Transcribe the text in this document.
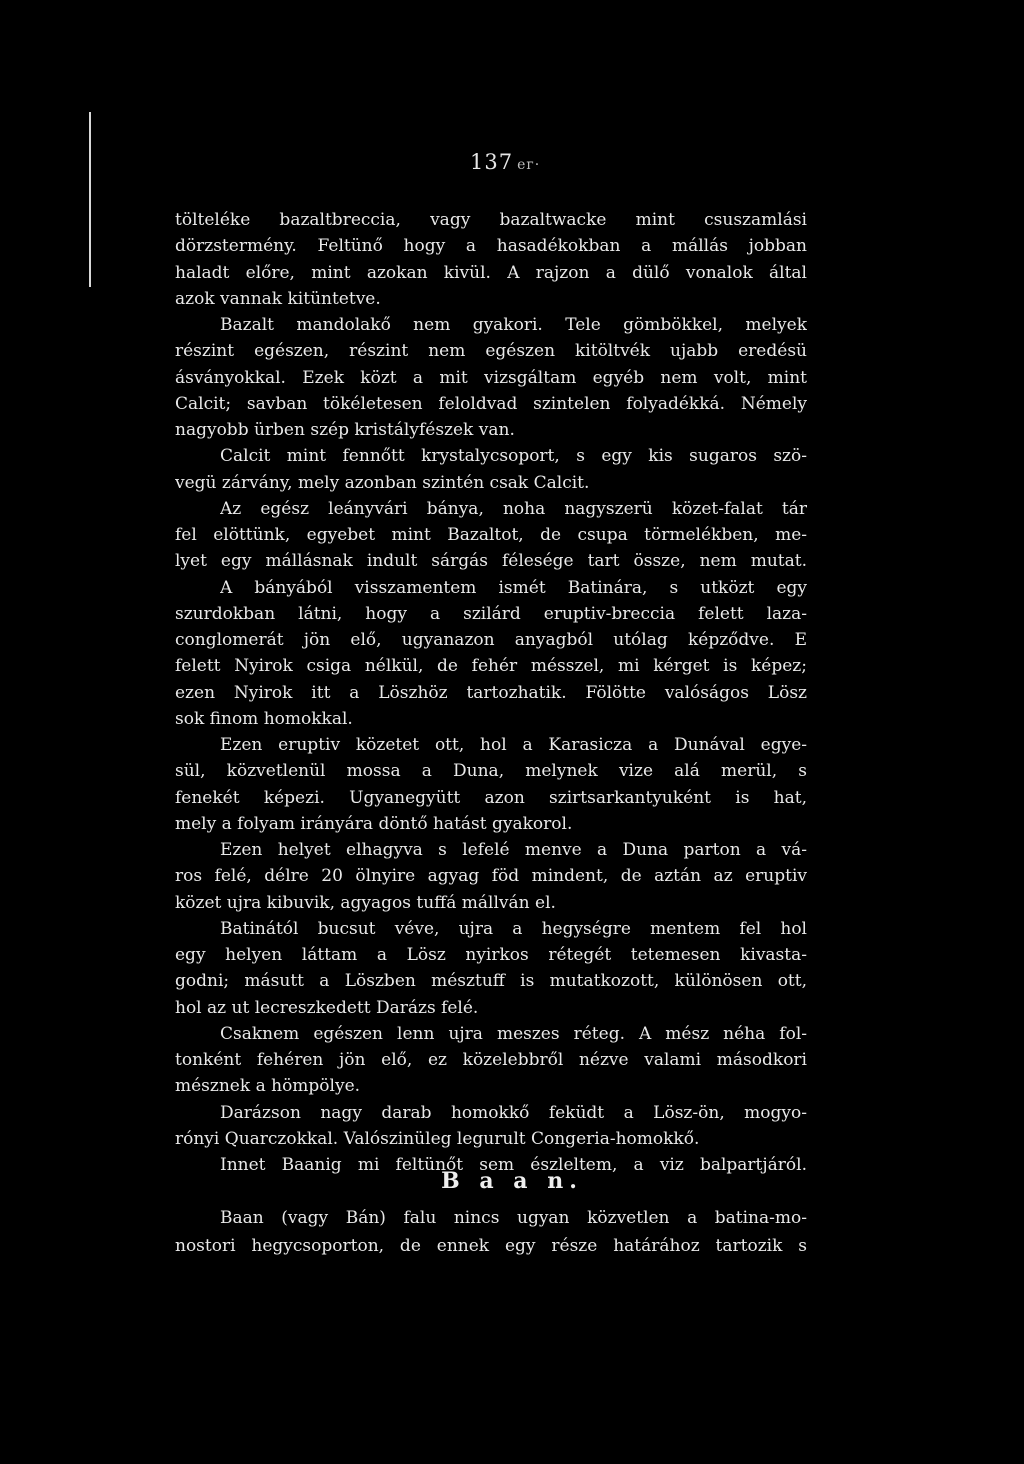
137 eг·
tölteléke bazaltbreccia, vagy bazaltwacke mint csuszamlási
dörzstermény. Feltünő hogy a hasadékokban a mállás jobban
haladt előre, mint azokan kivül. A rajzon a dülő vonalok által
azok vannak kitüntetve.
Bazalt mandolakő nem gyakori. Tele gömbökkel, melyek
részint egészen, részint nem egészen kitöltvék ujabb eredésü
ásványokkal. Ezek közt a mit vizsgáltam egyéb nem volt, mint
Calcit; savban tökéletesen feloldvad szintelen folyadékká. Némely
nagyobb ürben szép kristályfészek van.
Calcit mint fennőtt krystalycsoport, s egy kis sugaros szö-
vegü zárvány, mely azonban szintén csak Calcit.
Az egész leányvári bánya, noha nagyszerü közet-falat tár
fel elöttünk, egyebet mint Bazaltot, de csupa törmelékben, me-
lyet egy mállásnak indult sárgás félesége tart össze, nem mutat.
A bányából visszamentem ismét Batinára, s utközt egy
szurdokban látni, hogy a szilárd eruptiv-breccia felett laza-
conglomerát jön elő, ugyanazon anyagból utólag képződve. E
felett Nyirok csiga nélkül, de fehér mésszel, mi kérget is képez;
ezen Nyirok itt a Löszhöz tartozhatik. Fölötte valóságos Lösz
sok finom homokkal.
Ezen eruptiv közetet ott, hol a Karasicza a Dunával egye-
sül, közvetlenül mossa a Duna, melynek vize alá merül, s
fenekét képezi. Ugyanegyütt azon szirtsarkantyuként is hat,
mely a folyam irányára döntő hatást gyakorol.
Ezen helyet elhagyva s lefelé menve a Duna parton a vá-
ros felé, délre 20 ölnyire agyag föd mindent, de aztán az eruptiv
közet ujra kibuvik, agyagos tuffá mállván el.
Batinától bucsut véve, ujra a hegységre mentem fel hol
egy helyen láttam a Lösz nyirkos rétegét tetemesen kivasta-
godni; másutt a Löszben mésztuff is mutatkozott, különösen ott,
hol az ut lecreszkedett Darázs felé.
Csaknem egészen lenn ujra meszes réteg. A mész néha fol-
tonként fehéren jön elő, ez közelebbről nézve valami másodkori
mésznek a hömpölye.
Darázson nagy darab homokkő feküdt a Lösz-ön, mogyo-
rónyi Quarczokkal. Valószinüleg legurult Congeria-homokkő.
Innet Baanig mi feltünőt sem észleltem, a viz balpartjáról.
Baan (vagy Bán) falu nincs ugyan közvetlen a batina-mo-
nostori hegycsoporton, de ennek egy része határához tartozik s
B a a n.
